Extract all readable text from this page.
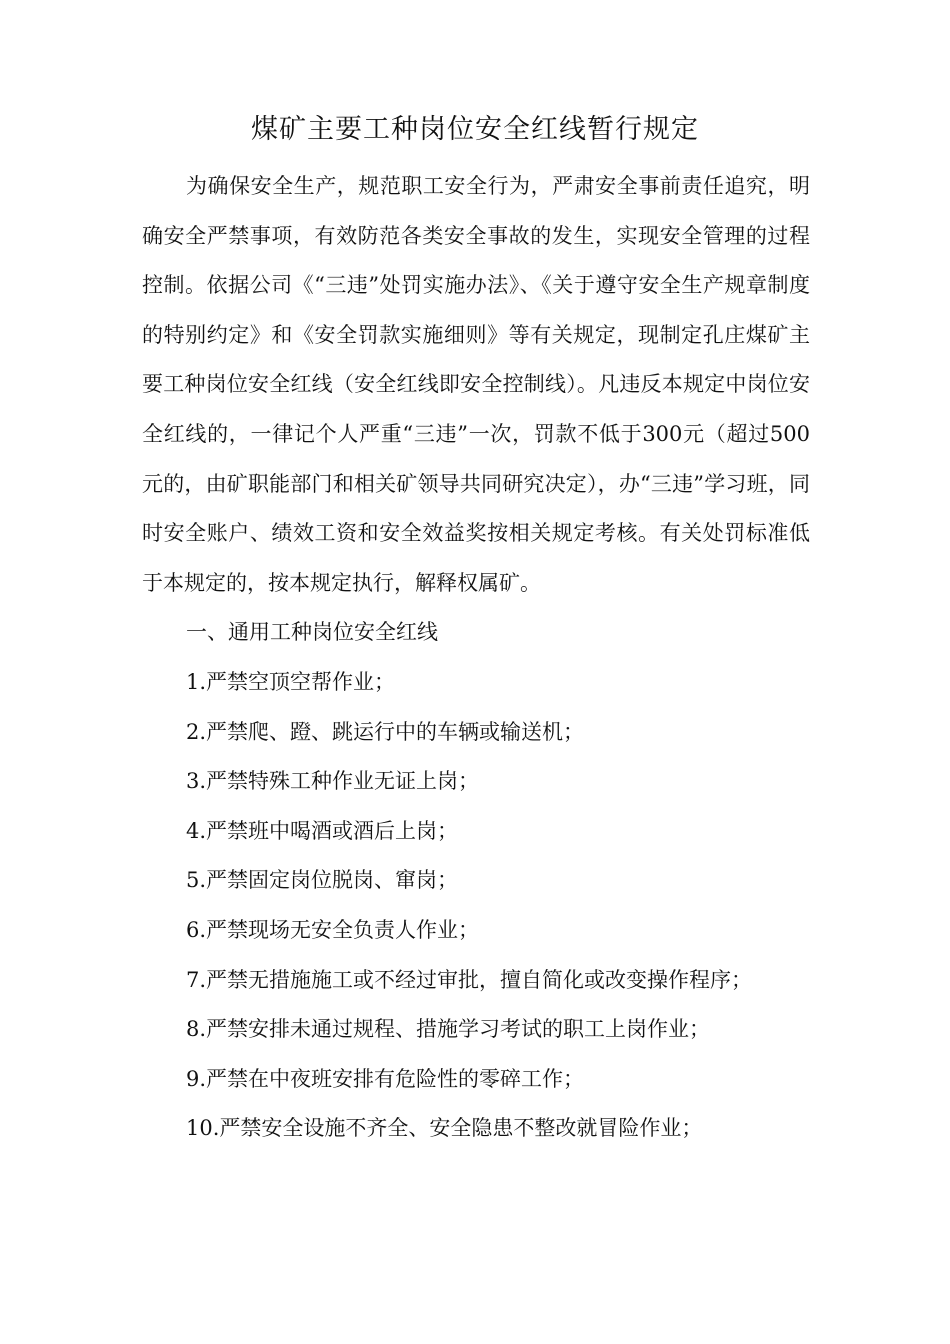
煤矿主要工种岗位安全红线暂行规定

为确保安全生产，规范职工安全行为，严肃安全事前责任追究，明确安全严禁事项，有效防范各类安全事故的发生，实现安全管理的过程控制。依据公司《“三违”处罚实施办法》、《关于遵守安全生产规章制度的特别约定》和《安全罚款实施细则》等有关规定，现制定孔庄煤矿主要工种岗位安全红线（安全红线即安全控制线）。凡违反本规定中岗位安全红线的，一律记个人严重“三违”一次，罚款不低于300元（超过500元的，由矿职能部门和相关矿领导共同研究决定），办“三违”学习班，同时安全账户、绩效工资和安全效益奖按相关规定考核。有关处罚标准低于本规定的，按本规定执行，解释权属矿。

一、通用工种岗位安全红线

1.严禁空顶空帮作业；
2.严禁爬、蹬、跳运行中的车辆或输送机；
3.严禁特殊工种作业无证上岗；
4.严禁班中喝酒或酒后上岗；
5.严禁固定岗位脱岗、窜岗；
6.严禁现场无安全负责人作业；
7.严禁无措施施工或不经过审批，擅自简化或改变操作程序；
8.严禁安排未通过规程、措施学习考试的职工上岗作业；
9.严禁在中夜班安排有危险性的零碎工作；
10.严禁安全设施不齐全、安全隐患不整改就冒险作业；
